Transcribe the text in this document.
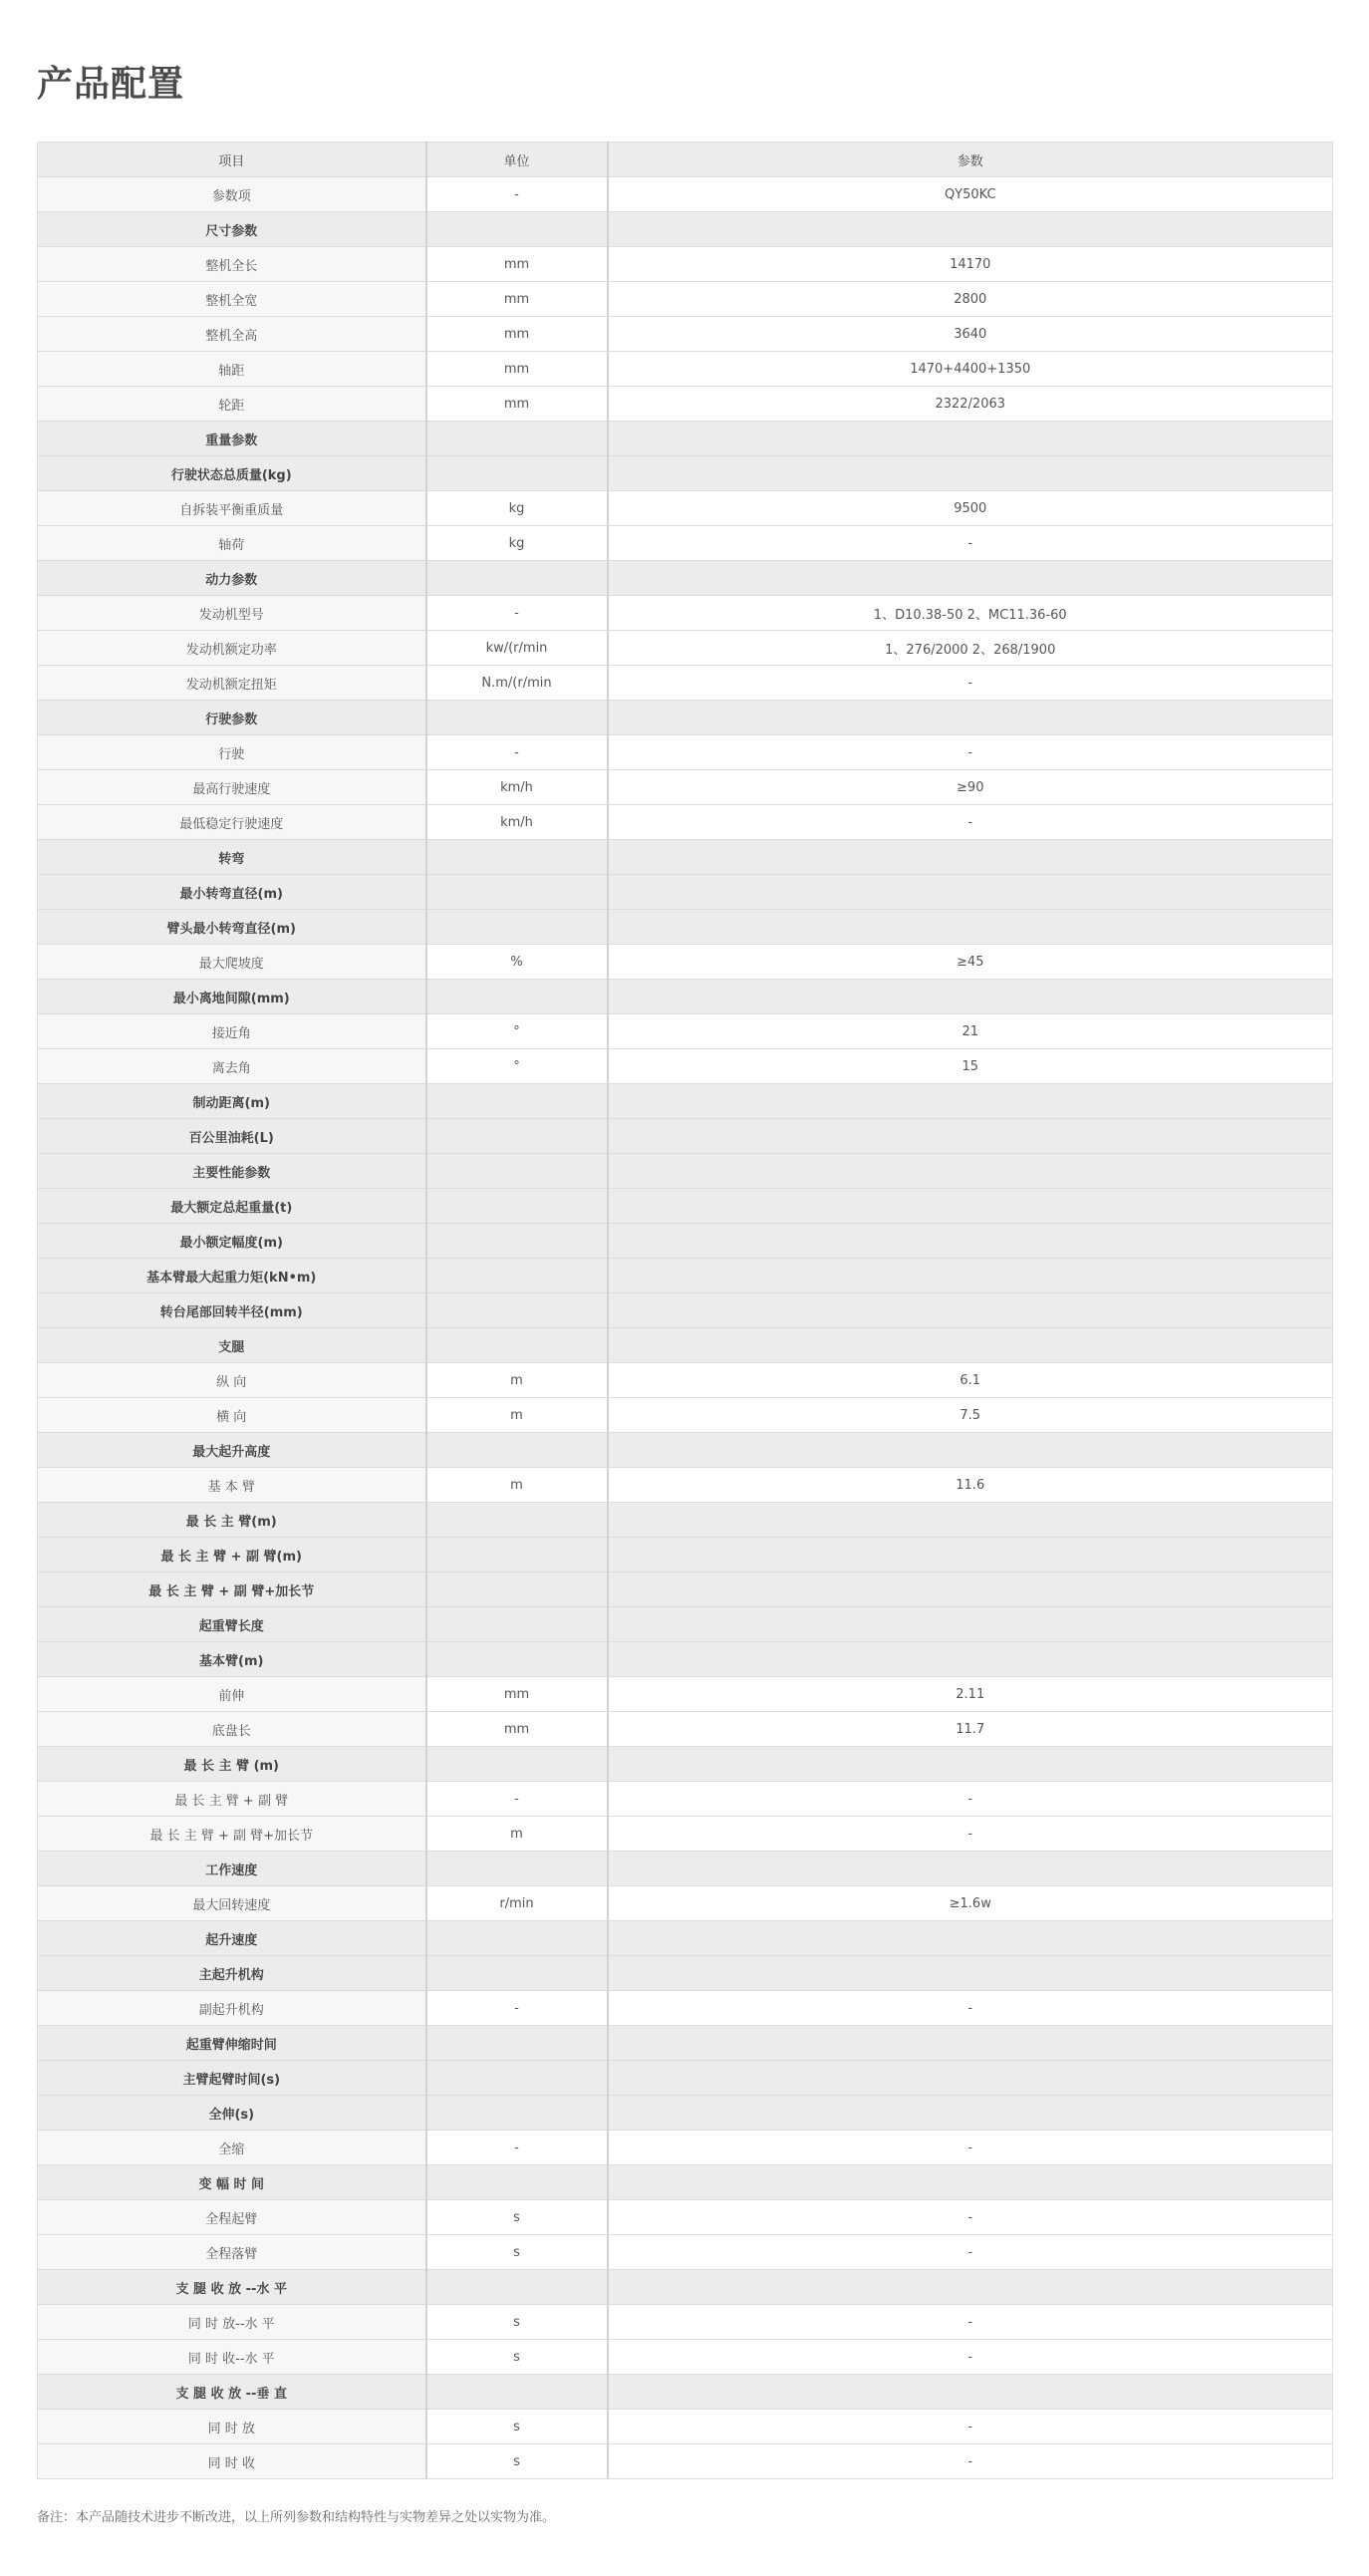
产品配置
项目	单位	参数
参数项	-	QY50KC
尺寸参数		
整机全长	mm	14170
整机全宽	mm	2800
整机全高	mm	3640
轴距	mm	1470+4400+1350
轮距	mm	2322/2063
重量参数		
行驶状态总质量(kg)		
自拆装平衡重质量	kg	9500
轴荷	kg	-
动力参数		
发动机型号	-	1、D10.38-50 2、MC11.36-60
发动机额定功率	kw/(r/min	1、276/2000 2、268/1900
发动机额定扭矩	N.m/(r/min	-
行驶参数		
行驶	-	-
最高行驶速度	km/h	≥90
最低稳定行驶速度	km/h	-
转弯		
最小转弯直径(m)		
臂头最小转弯直径(m)		
最大爬坡度	%	≥45
最小离地间隙(mm)		
接近角	°	21
离去角	°	15
制动距离(m)		
百公里油耗(L)		
主要性能参数		
最大额定总起重量(t)		
最小额定幅度(m)		
基本臂最大起重力矩(kN•m)		
转台尾部回转半径(mm)		
支腿		
纵 向	m	6.1
横 向	m	7.5
最大起升高度		
基 本 臂	m	11.6
最 长 主 臂(m)		
最 长 主 臂 + 副 臂(m)		
最 长 主 臂 + 副 臂+加长节		
起重臂长度		
基本臂(m)		
前伸	mm	2.11
底盘长	mm	11.7
最 长 主 臂 (m)		
最 长 主 臂 + 副 臂	-	-
最 长 主 臂 + 副 臂+加长节	m	-
工作速度		
最大回转速度	r/min	≥1.6w
起升速度		
主起升机构		
副起升机构	-	-
起重臂伸缩时间		
主臂起臂时间(s)		
全伸(s)		
全缩	-	-
变 幅 时 间		
全程起臂	s	-
全程落臂	s	-
支 腿 收 放 --水 平		
同 时 放--水 平	s	-
同 时 收--水 平	s	-
支 腿 收 放 --垂 直		
同 时 放	s	-
同 时 收	s	-

备注：本产品随技术进步不断改进，以上所列参数和结构特性与实物差异之处以实物为准。
